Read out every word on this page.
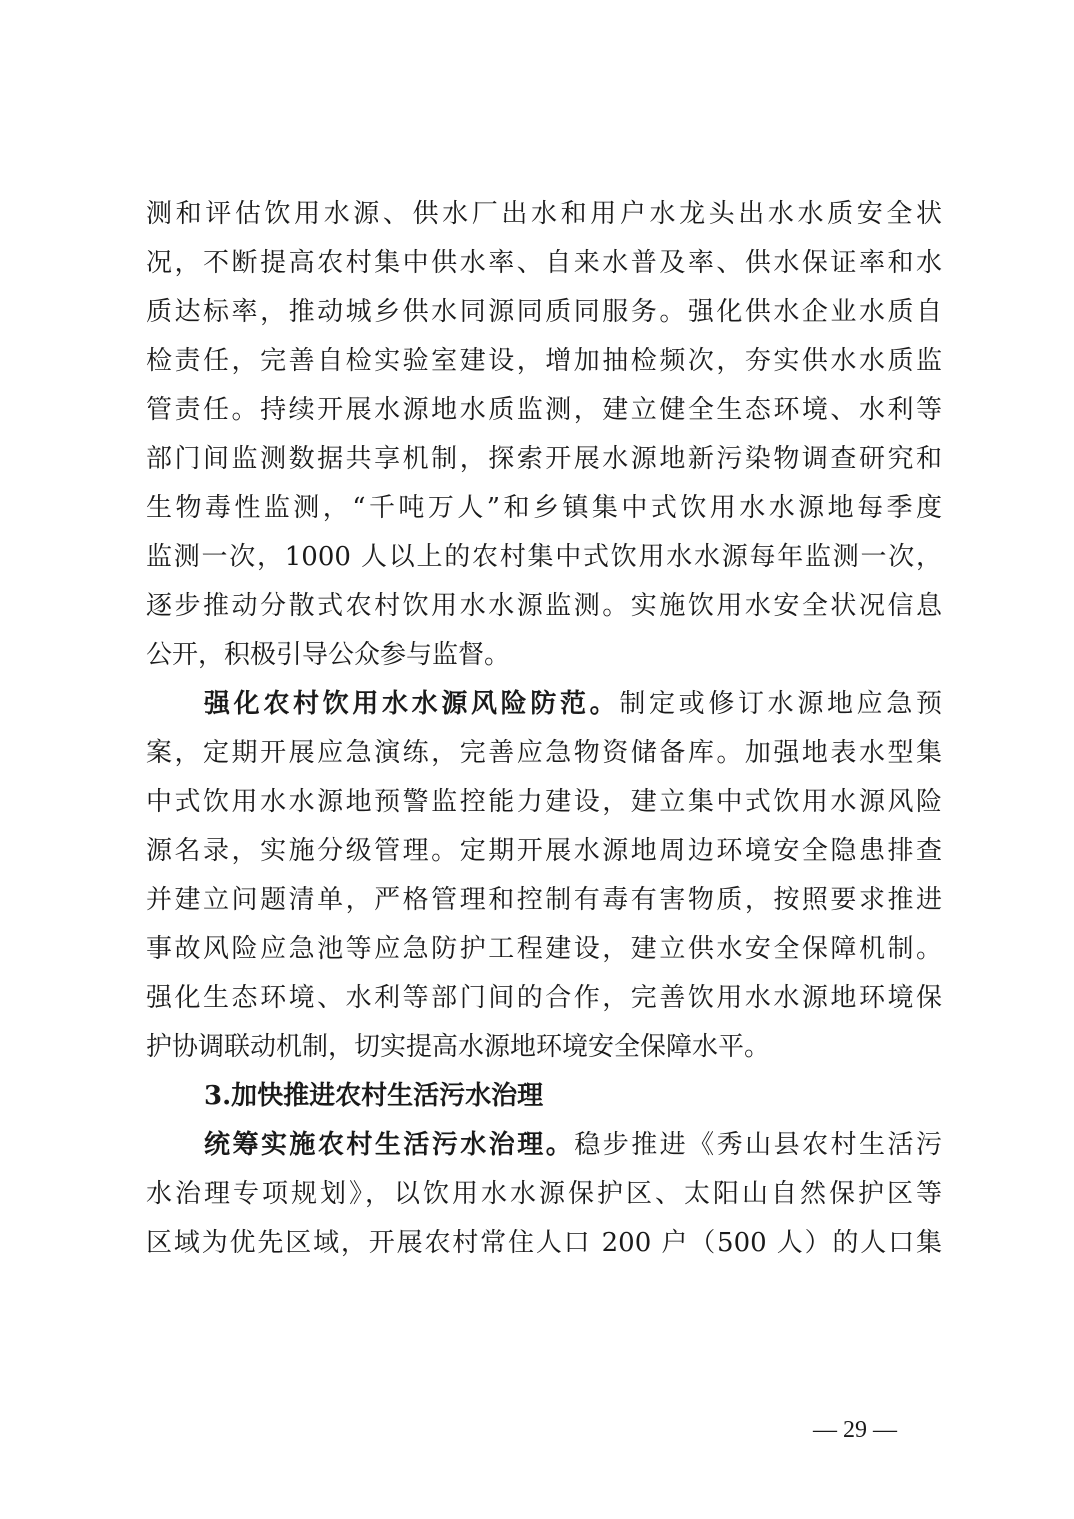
测和评估饮用水源、供水厂出水和用户水龙头出水水质安全状
况，不断提高农村集中供水率、自来水普及率、供水保证率和水
质达标率，推动城乡供水同源同质同服务。强化供水企业水质自
检责任，完善自检实验室建设，增加抽检频次，夯实供水水质监
管责任。持续开展水源地水质监测，建立健全生态环境、水利等
部门间监测数据共享机制，探索开展水源地新污染物调查研究和
生物毒性监测，“千吨万人”和乡镇集中式饮用水水源地每季度
监测一次，1000 人以上的农村集中式饮用水水源每年监测一次，
逐步推动分散式农村饮用水水源监测。实施饮用水安全状况信息
公开，积极引导公众参与监督。
强化农村饮用水水源风险防范。制定或修订水源地应急预
案，定期开展应急演练，完善应急物资储备库。加强地表水型集
中式饮用水水源地预警监控能力建设，建立集中式饮用水源风险
源名录，实施分级管理。定期开展水源地周边环境安全隐患排查
并建立问题清单，严格管理和控制有毒有害物质，按照要求推进
事故风险应急池等应急防护工程建设，建立供水安全保障机制。
强化生态环境、水利等部门间的合作，完善饮用水水源地环境保
护协调联动机制，切实提高水源地环境安全保障水平。
3.加快推进农村生活污水治理
统筹实施农村生活污水治理。稳步推进《秀山县农村生活污
水治理专项规划》，以饮用水水源保护区、太阳山自然保护区等
区域为优先区域，开展农村常住人口 200 户（500 人）的人口集
— 29 —
